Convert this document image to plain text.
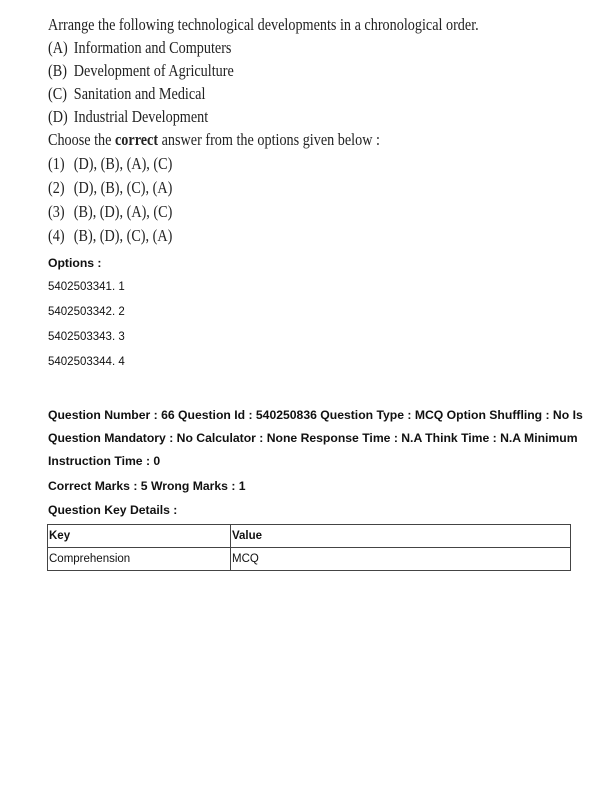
Arrange the following technological developments in a chronological order.
(A) Information and Computers
(B) Development of Agriculture
(C) Sanitation and Medical
(D) Industrial Development
Choose the correct answer from the options given below :
(1) (D), (B), (A), (C)
(2) (D), (B), (C), (A)
(3) (B), (D), (A), (C)
(4) (B), (D), (C), (A)
Options :
5402503341. 1
5402503342. 2
5402503343. 3
5402503344. 4
Question Number : 66 Question Id : 540250836 Question Type : MCQ Option Shuffling : No Is
Question Mandatory : No Calculator : None Response Time : N.A Think Time : N.A Minimum
Instruction Time : 0
Correct Marks : 5 Wrong Marks : 1
Question Key Details :
Key	Value
Comprehension	MCQ
